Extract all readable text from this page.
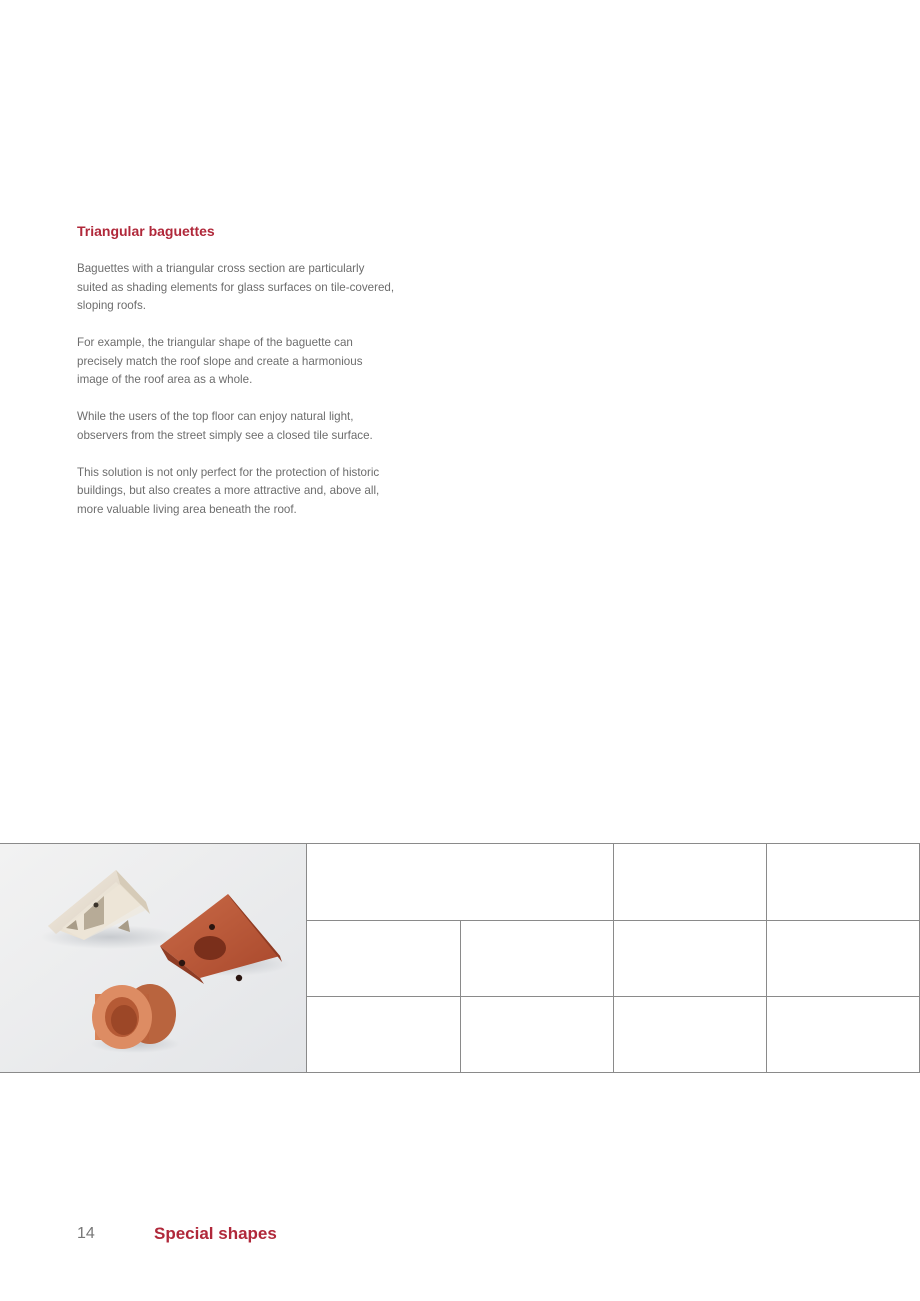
Triangular baguettes

Baguettes with a triangular cross section are particularly suited as shading elements for glass surfaces on tile-covered, sloping roofs.

For example, the triangular shape of the baguette can precisely match the roof slope and create a harmonious image of the roof area as a whole.

While the users of the top floor can enjoy natural light, observers from the street simply see a closed tile surface.

This solution is not only perfect for the protection of historic buildings, but also creates a more attractive and, above all, more valuable living area beneath the roof.

14	Special shapes
